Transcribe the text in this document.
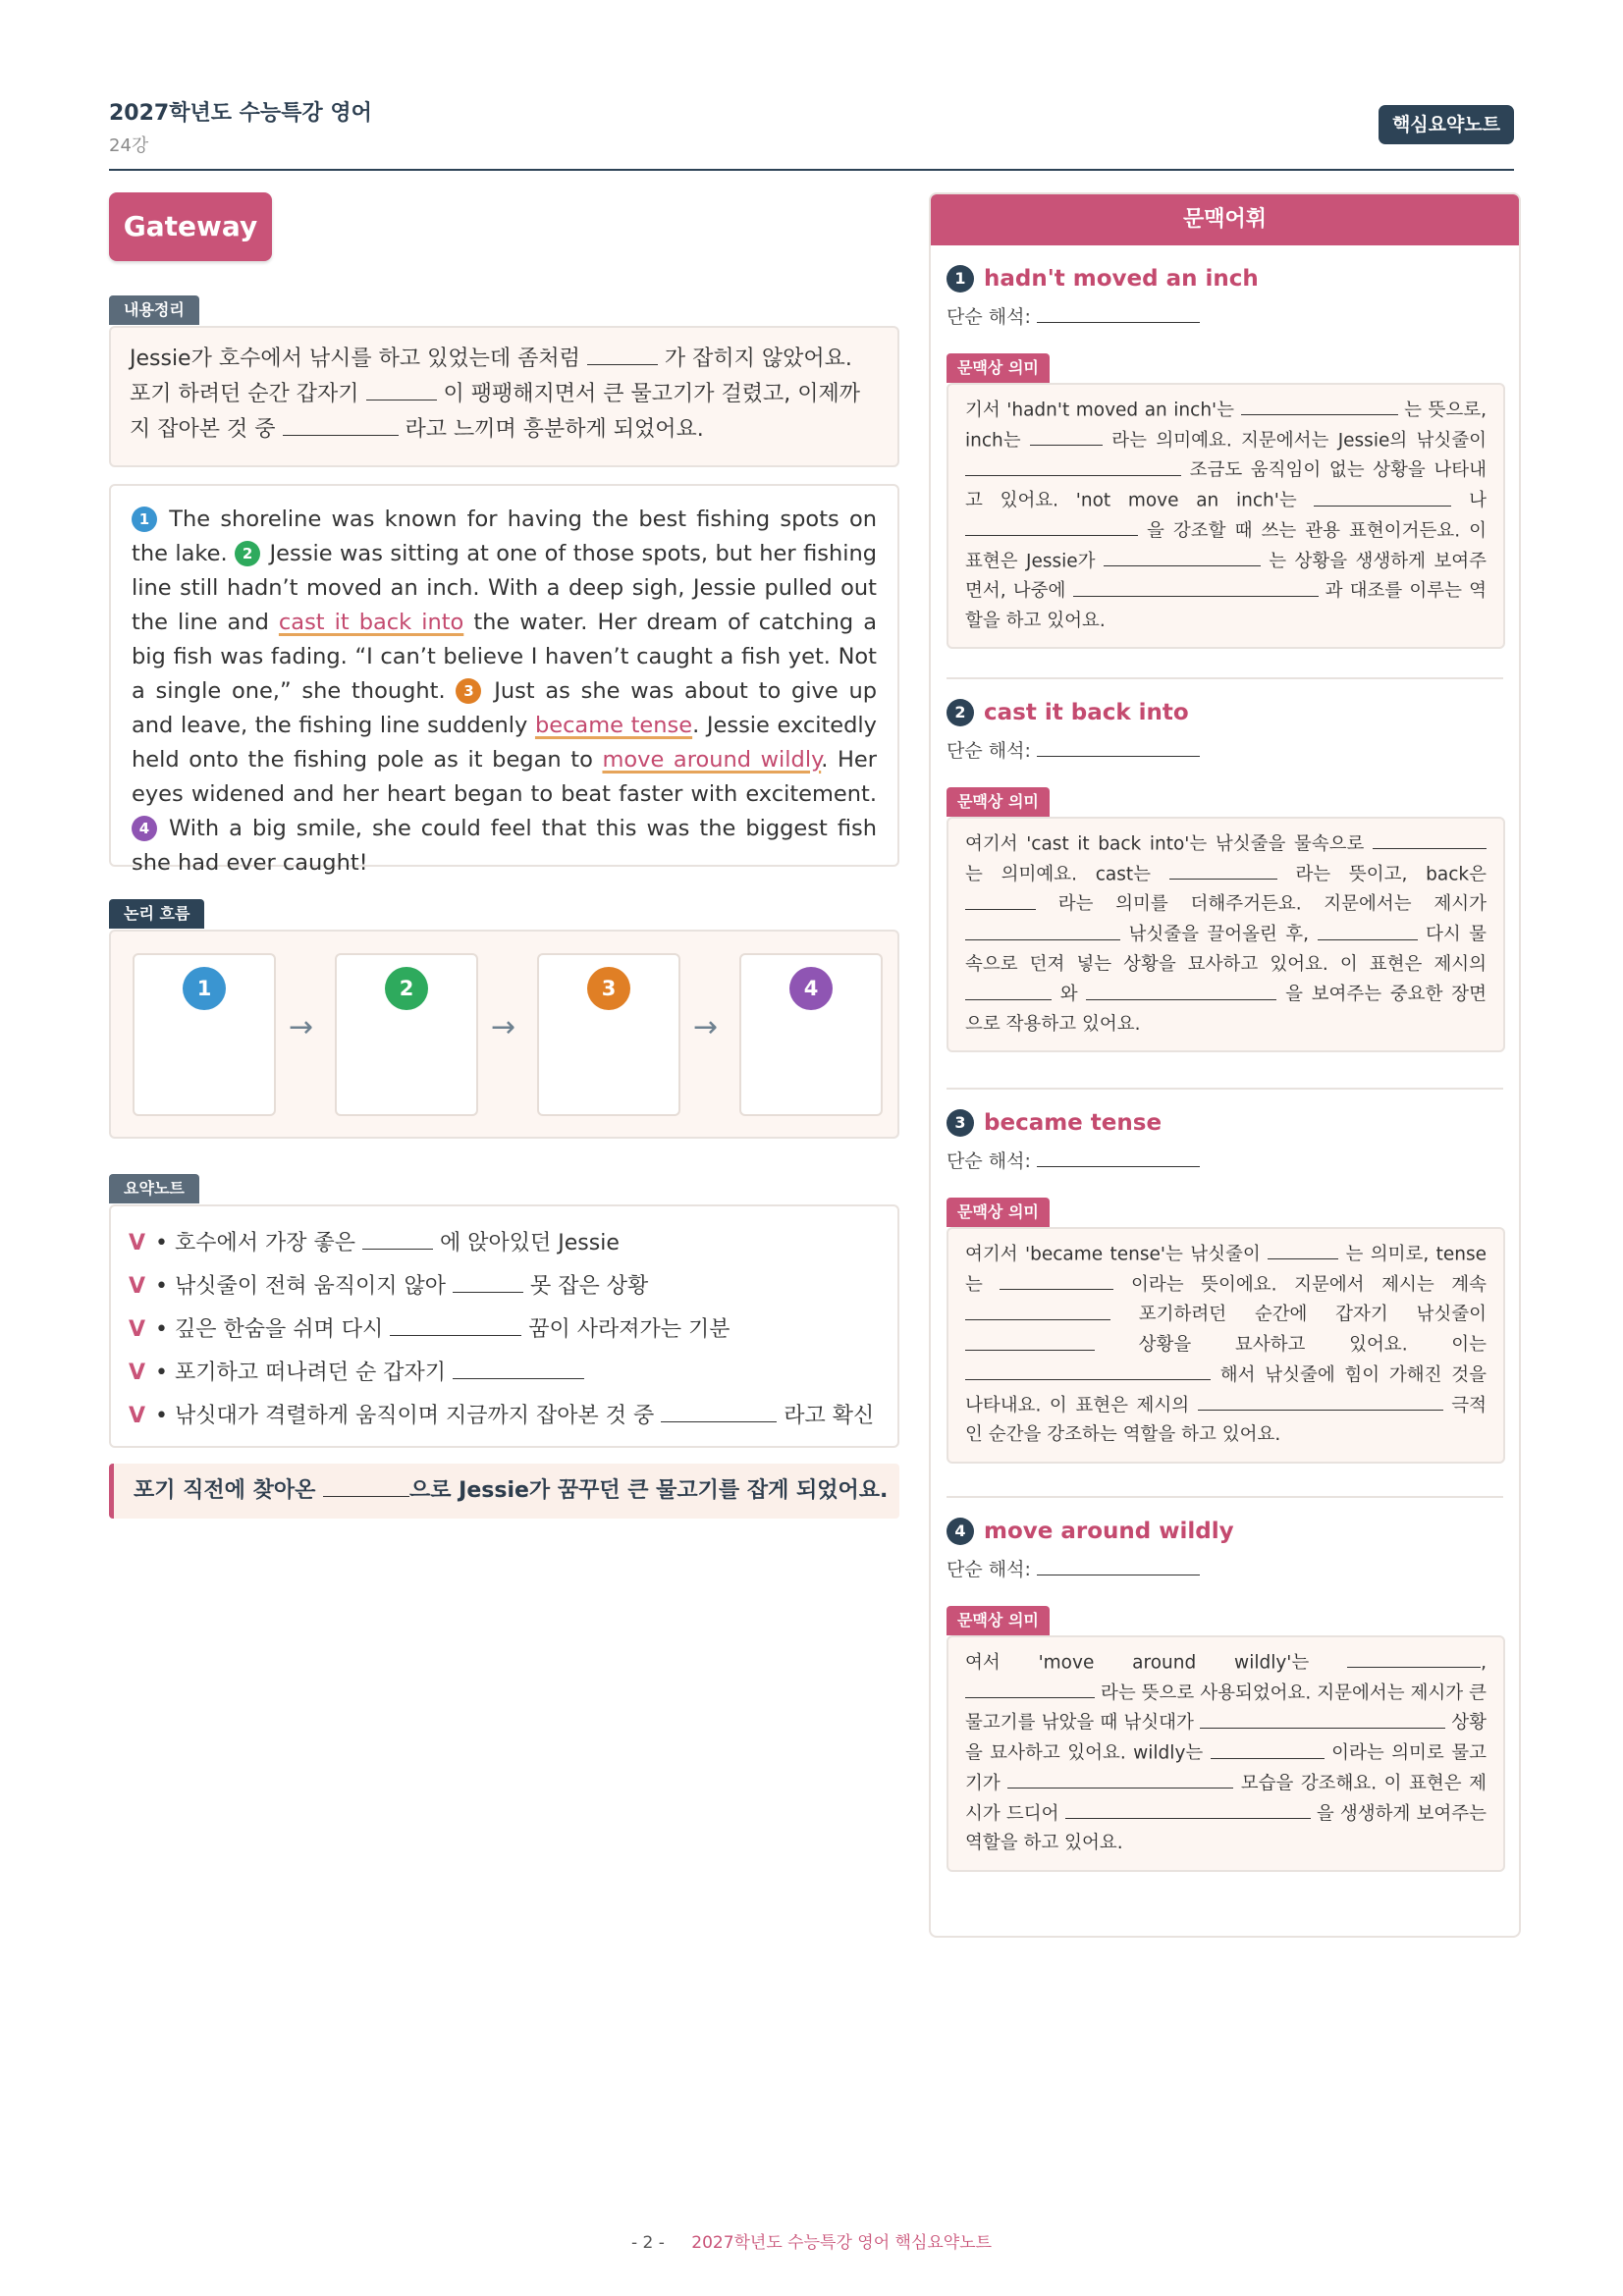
2027학년도 수능특강 영어
24강
핵심요약노트
Gateway
내용정리
Jessie가 호수에서 낚시를 하고 있었는데 좀처럼	가 잡히지 않았어요. 포기 하려던 순간 갑자기	이 팽팽해지면서 큰 물고기가 걸렸고, 이제까지 잡아본 것 중	라고 느끼며 흥분하게 되었어요.
1 The shoreline was known for having the best fishing spots on the lake. 2 Jessie was sitting at one of those spots, but her fishing line still hadn’t moved an inch. With a deep sigh, Jessie pulled out the line and cast it back into the water. Her dream of catching a big fish was fading. “I can’t believe I haven’t caught a fish yet. Not a single one,” she thought. 3 Just as she was about to give up and leave, the fishing line suddenly became tense. Jessie excitedly held onto the fishing pole as it began to move around wildly. Her eyes widened and her heart began to beat faster with excitement. 4 With a big smile, she could feel that this was the biggest fish she had ever caught!
논리 흐름
1
→
2
→
3
→
4
요약노트
V • 호수에서 가장 좋은	에 앉아있던 Jessie
V • 낚싯줄이 전혀 움직이지 않아	못 잡은 상황
V • 깊은 한숨을 쉬며 다시	꿈이 사라져가는 기분
V • 포기하고 떠나려던 순 갑자기
V • 낚싯대가 격렬하게 움직이며 지금까지 잡아본 것 중	라고 확신
포기 직전에 찾아온	으로 Jessie가 꿈꾸던 큰 물고기를 잡게 되었어요.
문맥어휘
1 hadn't moved an inch
단순 해석:
문맥상 의미
기서 'hadn't moved an inch'는	는 뜻으로, inch는	라는 의미예요. 지문에서는 Jessie의 낚싯줄이  조금도 움직임이 없는 상황을 나타내고 있어요. 'not move an inch'는	나  을 강조할 때 쓰는 관용 표현이거든요. 이 표현은 Jessie가	는 상황을 생생하게 보여주면서, 나중에	과 대조를 이루는 역할을 하고 있어요.
2 cast it back into
단순 해석:
문맥상 의미
여기서 'cast it back into'는 낚싯줄을 물속으로  는 의미예요. cast는	라는 뜻이고, back은  라는 의미를 더해주거든요. 지문에서는 제시가  낚싯줄을 끌어올린 후,	다시 물속으로 던져 넣는 상황을 묘사하고 있어요. 이 표현은 제시의  와	을 보여주는 중요한 장면으로 작용하고 있어요.
3 became tense
단순 해석:
문맥상 의미
여기서 'became tense'는 낚싯줄이	는 의미로, tense는	이라는 뜻이에요. 지문에서 제시는 계속  포기하려던 순간에 갑자기 낚싯줄이  상황을 묘사하고 있어요. 이는  해서 낚싯줄에 힘이 가해진 것을 나타내요. 이 표현은 제시의	극적인 순간을 강조하는 역할을 하고 있어요.
4 move around wildly
단순 해석:
문맥상 의미
여서 'move around wildly'는	,  라는 뜻으로 사용되었어요. 지문에서는 제시가 큰 물고기를 낚았을 때 낚싯대가	상황을 묘사하고 있어요. wildly는	이라는 의미로 물고기가	모습을 강조해요. 이 표현은 제시가 드디어	을 생생하게 보여주는 역할을 하고 있어요.
- 2 - 2027학년도 수능특강 영어 핵심요약노트
